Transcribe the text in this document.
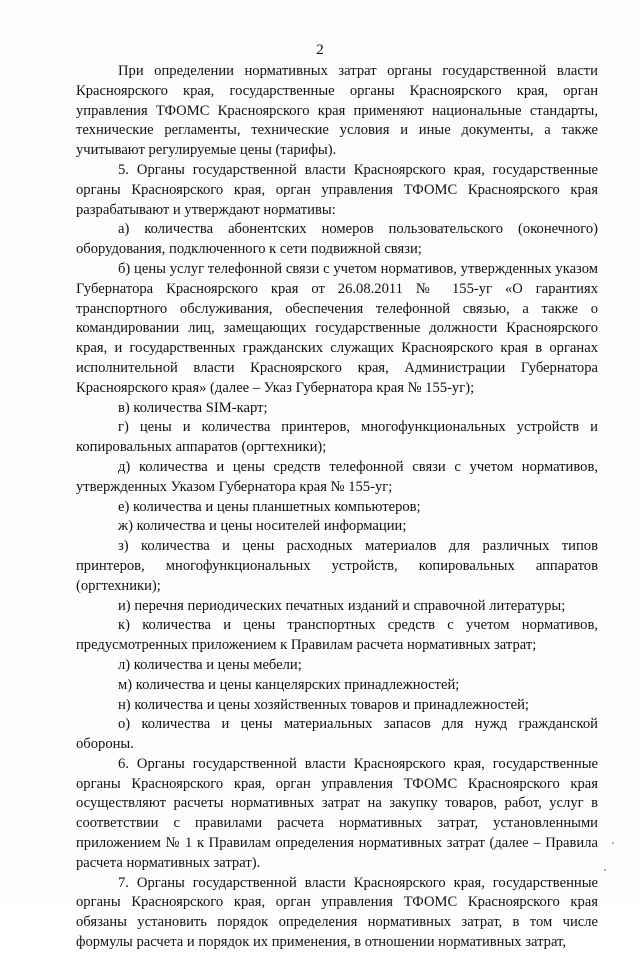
2

При определении нормативных затрат органы государственной власти Красноярского края, государственные органы Красноярского края, орган управления ТФОМС Красноярского края применяют национальные стандарты, технические регламенты, технические условия и иные документы, а также учитывают регулируемые цены (тарифы).

5. Органы государственной власти Красноярского края, государственные органы Красноярского края, орган управления ТФОМС Красноярского края разрабатывают и утверждают нормативы:

а) количества абонентских номеров пользовательского (оконечного) оборудования, подключенного к сети подвижной связи;

б) цены услуг телефонной связи с учетом нормативов, утвержденных указом Губернатора Красноярского края от 26.08.2011 № 155-уг «О гарантиях транспортного обслуживания, обеспечения телефонной связью, а также о командировании лиц, замещающих государственные должности Красноярского края, и государственных гражданских служащих Красноярского края в органах исполнительной власти Красноярского края, Администрации Губернатора Красноярского края» (далее – Указ Губернатора края № 155-уг);

в) количества SIM-карт;

г) цены и количества принтеров, многофункциональных устройств и копировальных аппаратов (оргтехники);

д) количества и цены средств телефонной связи с учетом нормативов, утвержденных Указом Губернатора края № 155-уг;

е) количества и цены планшетных компьютеров;

ж) количества и цены носителей информации;

з) количества и цены расходных материалов для различных типов принтеров, многофункциональных устройств, копировальных аппаратов (оргтехники);

и) перечня периодических печатных изданий и справочной литературы;

к) количества и цены транспортных средств с учетом нормативов, предусмотренных приложением к Правилам расчета нормативных затрат;

л) количества и цены мебели;

м) количества и цены канцелярских принадлежностей;

н) количества и цены хозяйственных товаров и принадлежностей;

о) количества и цены материальных запасов для нужд гражданской обороны.

6. Органы государственной власти Красноярского края, государственные органы Красноярского края, орган управления ТФОМС Красноярского края осуществляют расчеты нормативных затрат на закупку товаров, работ, услуг в соответствии с правилами расчета нормативных затрат, установленными приложением № 1 к Правилам определения нормативных затрат (далее – Правила расчета нормативных затрат).

7. Органы государственной власти Красноярского края, государственные органы Красноярского края, орган управления ТФОМС Красноярского края обязаны установить порядок определения нормативных затрат, в том числе формулы расчета и порядок их применения, в отношении нормативных затрат,
